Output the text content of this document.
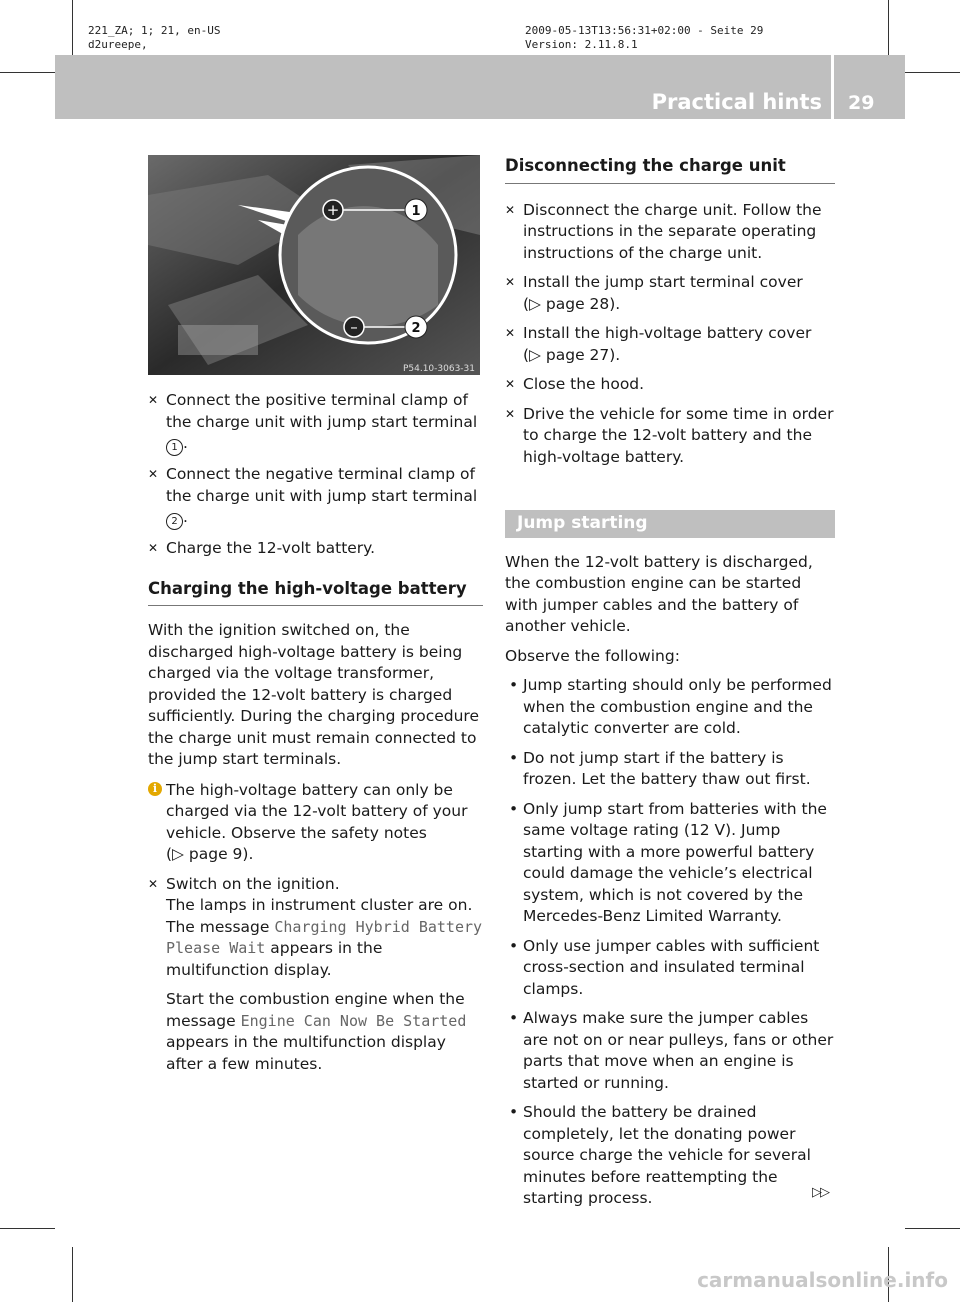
221_ZA; 1; 21, en-US
d2ureepe,
2009-05-13T13:56:31+02:00 - Seite 29
Version: 2.11.8.1
Practical hints 29
+	1
–	2
P54.10-3063-31
✕ Connect the positive terminal clamp of the charge unit with jump start terminal 1 .
✕ Connect the negative terminal clamp of the charge unit with jump start terminal 2 .
✕ Charge the 12-volt battery.
Charging the high-voltage battery

With the ignition switched on, the discharged high-voltage battery is being charged via the voltage transformer, provided the 12-volt battery is charged sufficiently. During the charging procedure the charge unit must remain connected to the jump start terminals.

i The high-voltage battery can only be charged via the 12-volt battery of your vehicle. Observe the safety notes
(▷ page 9).
✕ Switch on the ignition.
The lamps in instrument cluster are on. The message Charging Hybrid Battery Please Wait appears in the multifunction display.
Start the combustion engine when the message Engine Can Now Be Started appears in the multifunction display after a few minutes.
Disconnecting the charge unit
✕ Disconnect the charge unit. Follow the instructions in the separate operating instructions of the charge unit.
✕ Install the jump start terminal cover
(▷ page 28).
✕ Install the high-voltage battery cover
(▷ page 27).
✕ Close the hood.
✕ Drive the vehicle for some time in order to charge the 12-volt battery and the high-voltage battery.
Jump starting

When the 12-volt battery is discharged, the combustion engine can be started with jumper cables and the battery of another vehicle.

Observe the following:

• Jump starting should only be performed when the combustion engine and the catalytic converter are cold.
• Do not jump start if the battery is frozen. Let the battery thaw out first.
• Only jump start from batteries with the same voltage rating (12 V). Jump starting with a more powerful battery could damage the vehicle’s electrical system, which is not covered by the Mercedes-Benz Limited Warranty.
• Only use jumper cables with sufficient cross-section and insulated terminal clamps.
• Always make sure the jumper cables are not on or near pulleys, fans or other parts that move when an engine is started or running.
• Should the battery be drained completely, let the donating power source charge the vehicle for several minutes before reattempting the starting process.	▷▷
carmanualsonline.info
